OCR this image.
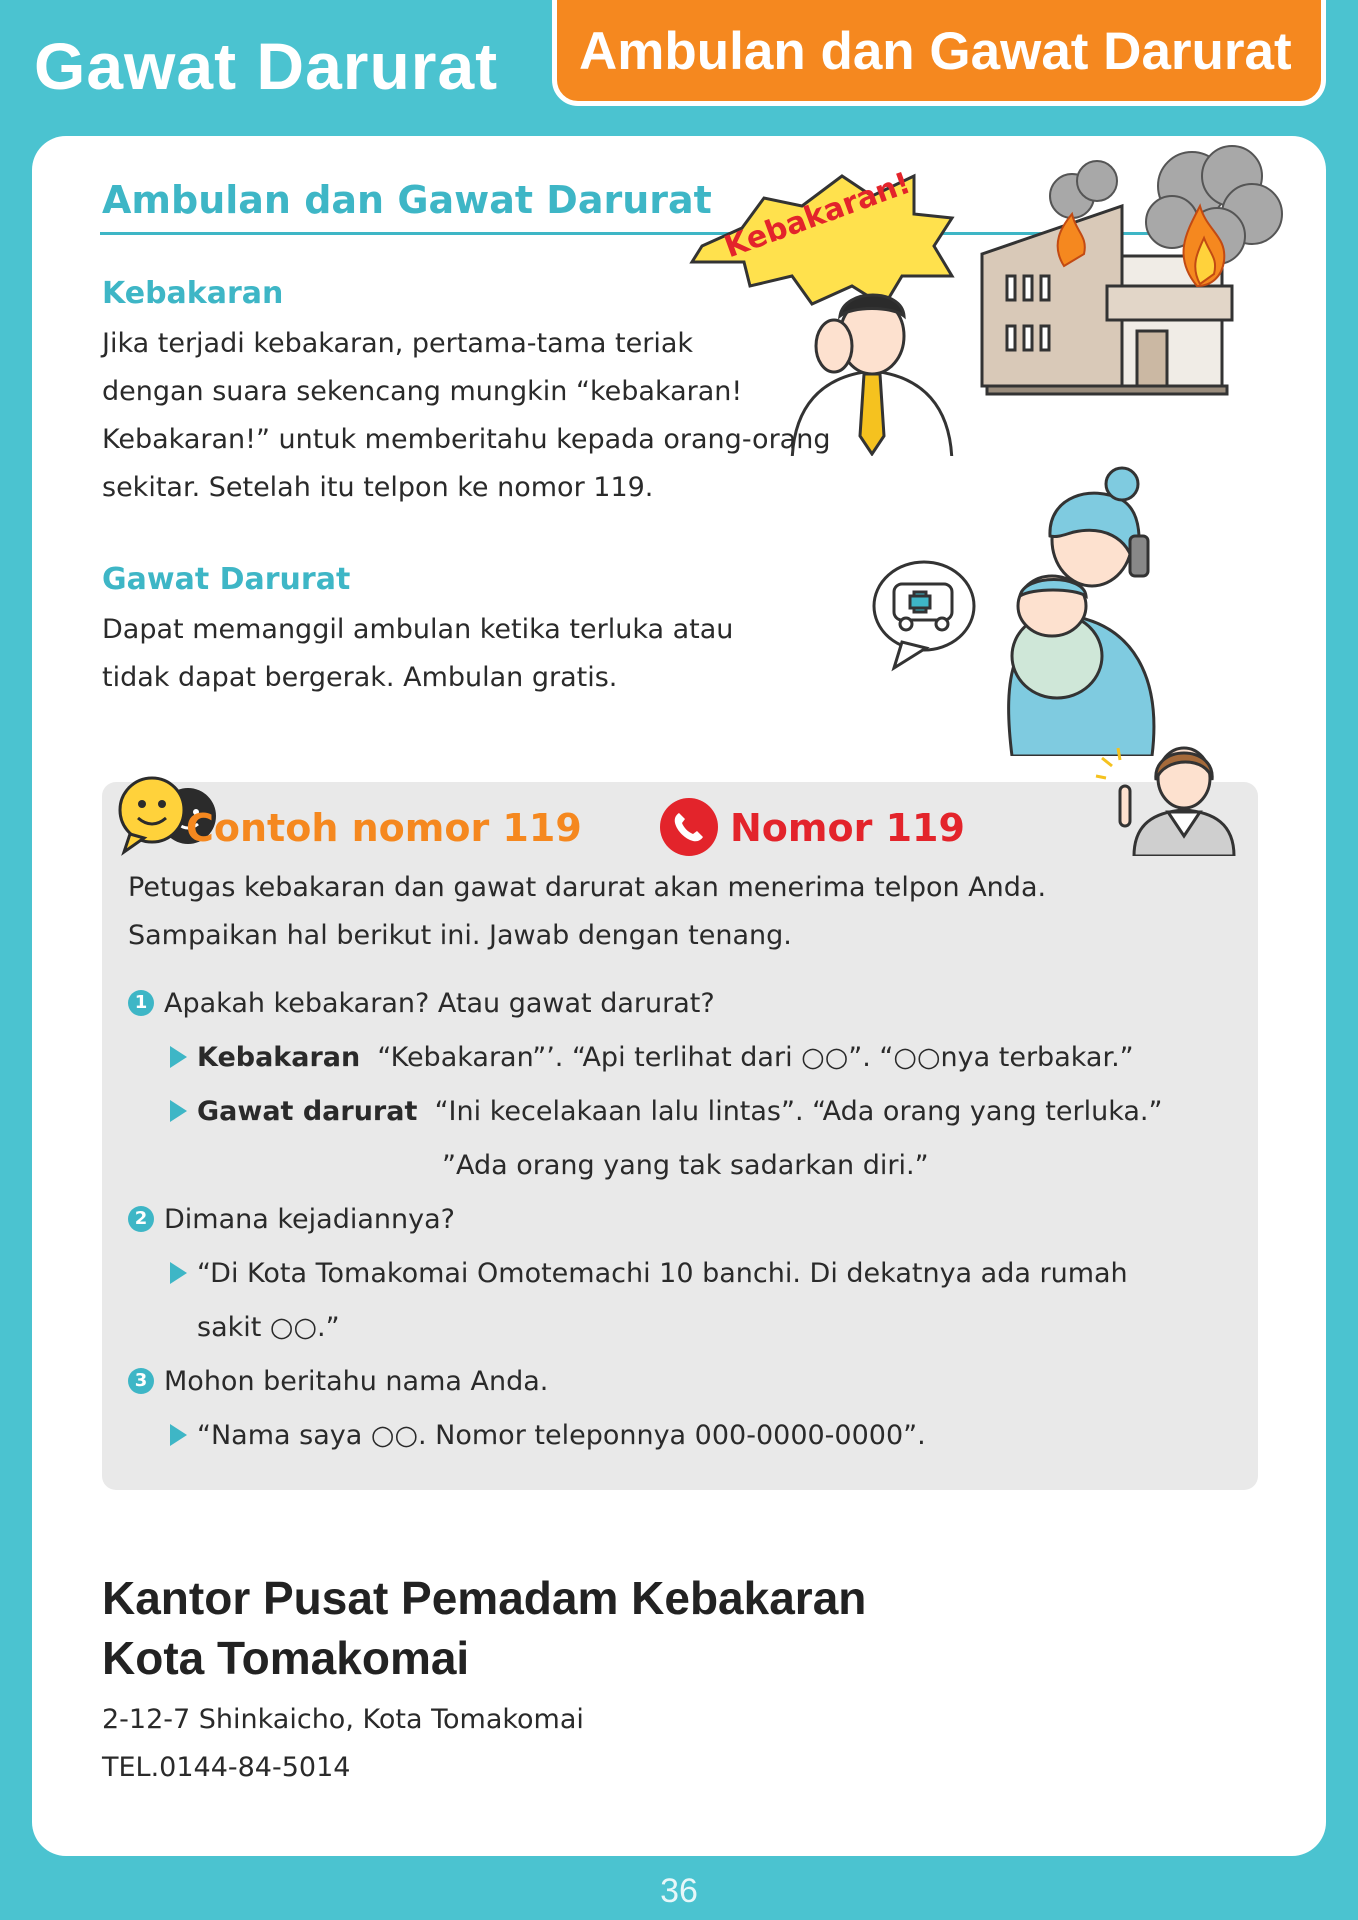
Gawat Darurat Ambulan dan Gawat Darurat
Ambulan dan Gawat Darurat Kebakaran!
Kebakaran

Jika terjadi kebakaran, pertama-tama teriak

dengan suara sekencang mungkin “kebakaran!

Kebakaran!” untuk memberitahu kepada orang-orang

sekitar. Setelah itu telpon ke nomor 119.

Gawat Darurat

Dapat memanggil ambulan ketika terluka atau

tidak dapat bergerak. Ambulan gratis.

Contoh nomor 119	Nomor 119

Petugas kebakaran dan gawat darurat akan menerima telpon Anda.

Sampaikan hal berikut ini. Jawab dengan tenang.

1 Apakah kebakaran? Atau gawat darurat?
Kebakaran “Kebakaran”’. “Api terlihat dari ○○”. “○○nya terbakar.”
Gawat darurat “Ini kecelakaan lalu lintas”. “Ada orang yang terluka.”
”Ada orang yang tak sadarkan diri.”
2 Dimana kejadiannya?
“Di Kota Tomakomai Omotemachi 10 banchi. Di dekatnya ada rumah
sakit ○○.”
3 Mohon beritahu nama Anda.
“Nama saya ○○. Nomor teleponnya 000-0000-0000”.
Kantor Pusat Pemadam Kebakaran
Kota Tomakomai
2-12-7 Shinkaicho, Kota Tomakomai
TEL.0144-84-5014
36
